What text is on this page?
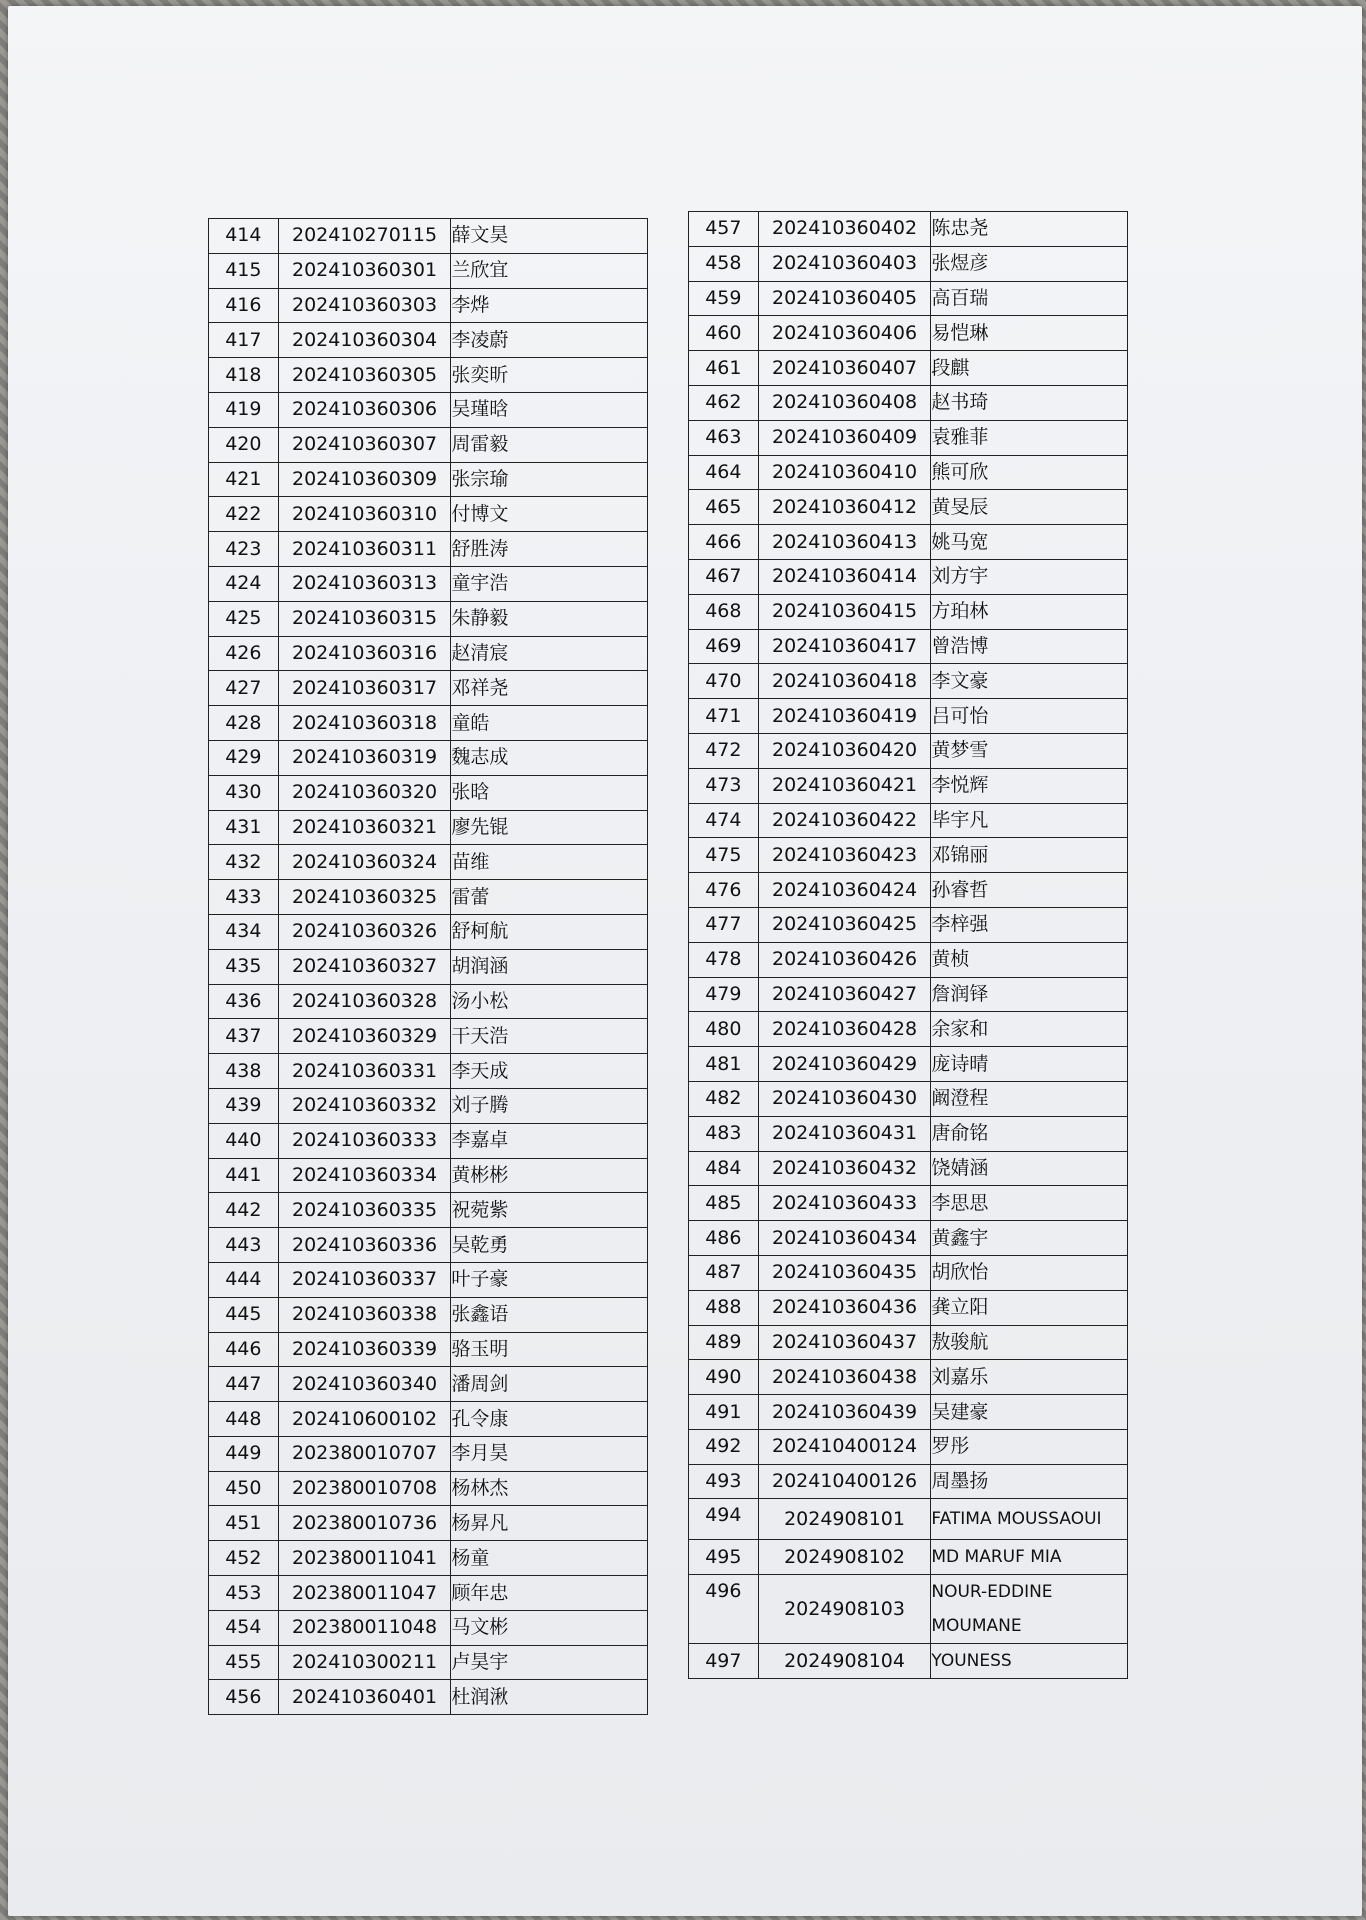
414	202410270115	薛文昊
415	202410360301	兰欣宜
416	202410360303	李烨
417	202410360304	李凌蔚
418	202410360305	张奕昕
419	202410360306	吴瑾晗
420	202410360307	周雷毅
421	202410360309	张宗瑜
422	202410360310	付博文
423	202410360311	舒胜涛
424	202410360313	童宇浩
425	202410360315	朱静毅
426	202410360316	赵清宸
427	202410360317	邓祥尧
428	202410360318	童皓
429	202410360319	魏志成
430	202410360320	张晗
431	202410360321	廖先锟
432	202410360324	苗维
433	202410360325	雷蕾
434	202410360326	舒柯航
435	202410360327	胡润涵
436	202410360328	汤小松
437	202410360329	干天浩
438	202410360331	李天成
439	202410360332	刘子腾
440	202410360333	李嘉卓
441	202410360334	黄彬彬
442	202410360335	祝菀紫
443	202410360336	吴乾勇
444	202410360337	叶子豪
445	202410360338	张鑫语
446	202410360339	骆玉明
447	202410360340	潘周剑
448	202410600102	孔令康
449	202380010707	李月昊
450	202380010708	杨林杰
451	202380010736	杨昇凡
452	202380011041	杨童
453	202380011047	顾年忠
454	202380011048	马文彬
455	202410300211	卢昊宇
456	202410360401	杜润湫
457	202410360402	陈忠尧
458	202410360403	张煜彦
459	202410360405	高百瑞
460	202410360406	易恺琳
461	202410360407	段麒
462	202410360408	赵书琦
463	202410360409	袁雅菲
464	202410360410	熊可欣
465	202410360412	黄旻辰
466	202410360413	姚马宽
467	202410360414	刘方宇
468	202410360415	方珀林
469	202410360417	曾浩博
470	202410360418	李文豪
471	202410360419	吕可怡
472	202410360420	黄梦雪
473	202410360421	李悦辉
474	202410360422	毕宇凡
475	202410360423	邓锦丽
476	202410360424	孙睿哲
477	202410360425	李梓强
478	202410360426	黄桢
479	202410360427	詹润铎
480	202410360428	余家和
481	202410360429	庞诗晴
482	202410360430	阚澄程
483	202410360431	唐俞铭
484	202410360432	饶婧涵
485	202410360433	李思思
486	202410360434	黄鑫宇
487	202410360435	胡欣怡
488	202410360436	龚立阳
489	202410360437	敖骏航
490	202410360438	刘嘉乐
491	202410360439	吴建豪
492	202410400124	罗彤
493	202410400126	周墨扬
494	2024908101	FATIMA MOUSSAOUI
495	2024908102	MD MARUF MIA
496	2024908103	NOUR-EDDINE MOUMANE
497	2024908104	YOUNESS
